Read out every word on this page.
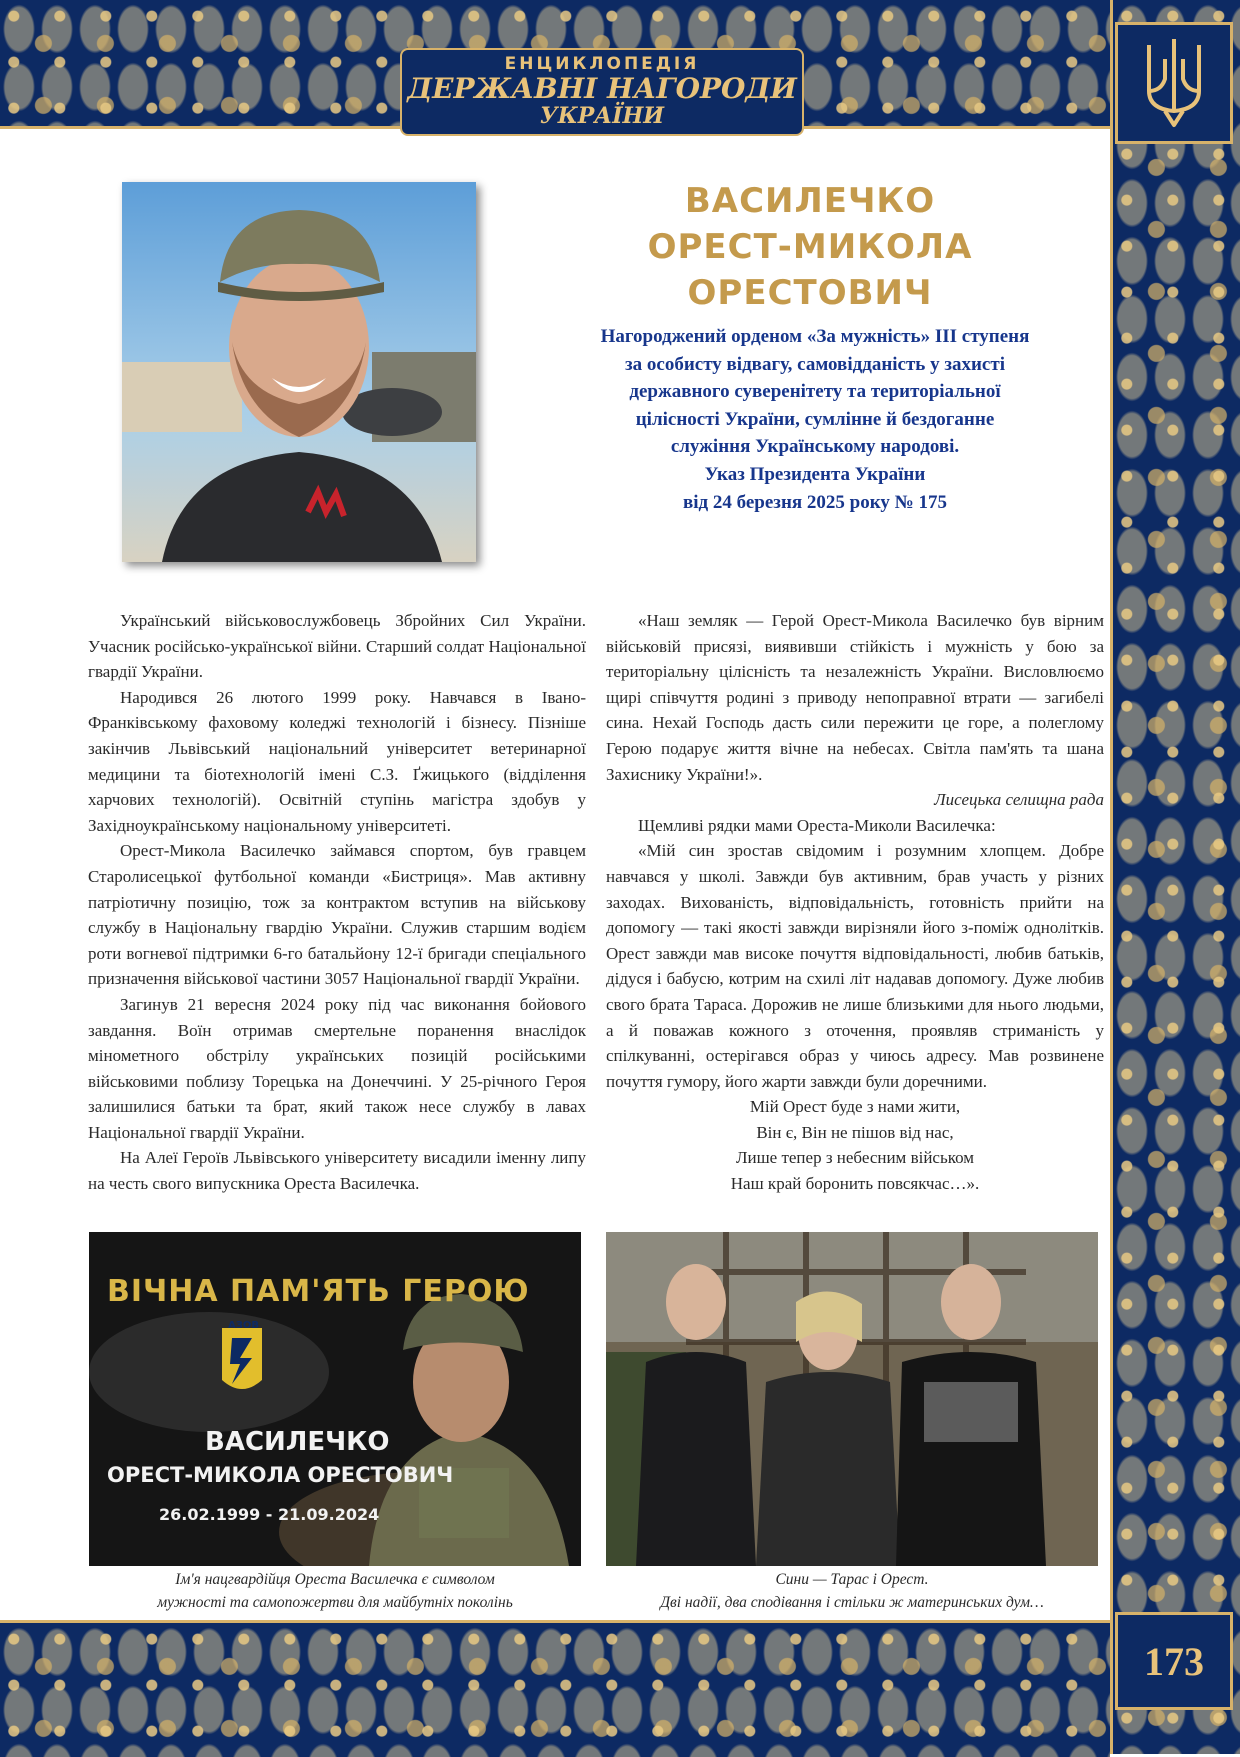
ЕНЦИКЛОПЕДІЯ
ДЕРЖАВНІ НАГОРОДИ
УКРАЇНИ
173
ВАСИЛЕЧКО
ОРЕСТ-МИКОЛА
ОРЕСТОВИЧ
Нагороджений орденом «За мужність» ІІІ ступеня
за особисту відвагу, самовідданість у захисті
державного суверенітету та територіальної
цілісності України, сумлінне й бездоганне
служіння Українському народові.
Указ Президента України
від 24 березня 2025 року № 175

Український військовослужбовець Збройних Сил України. Учасник російсько-української війни. Старший солдат Національної гвардії України.

Народився 26 лютого 1999 року. Навчався в Івано-Франківському фаховому коледжі технологій і бізнесу. Пізніше закінчив Львівський національний університет ветеринарної медицини та біотехнологій імені С.З. Ґжицького (відділення харчових технологій). Освітній ступінь магістра здобув у Західноукраїнському національному університеті.

Орест-Микола Василечко займався спортом, був гравцем Старолисецької футбольної команди «Бистриця». Мав активну патріотичну позицію, тож за контрактом вступив на військову службу в Національну гвардію України. Служив старшим водієм роти вогневої підтримки 6-го батальйону 12-ї бригади спеціального призначення військової частини 3057 Національної гвардії України.

Загинув 21 вересня 2024 року під час виконання бойового завдання. Воїн отримав смертельне поранення внаслідок мінометного обстрілу українських позицій російськими військовими поблизу Торецька на Донеччині. У 25-річного Героя залишилися батьки та брат, який також несе службу в лавах Національної гвардії України.

На Алеї Героїв Львівського університету висадили іменну липу на честь свого випускника Ореста Василечка.

«Наш земляк — Герой Орест-Микола Василечко був вірним військовій присязі, виявивши стійкість і мужність у бою за територіальну цілісність та незалежність України. Висловлюємо щирі співчуття родині з приводу непоправної втрати — загибелі сина. Нехай Господь дасть сили пережити це горе, а полеглому Герою подарує життя вічне на небесах. Світла пам'ять та шана Захиснику України!».

Лисецька селищна рада

Щемливі рядки мами Ореста-Миколи Василечка:

«Мій син зростав свідомим і розумним хлопцем. Добре навчався у школі. Завжди був активним, брав участь у різних заходах. Вихованість, відповідальність, готовність прийти на допомогу — такі якості завжди вирізняли його з-поміж однолітків. Орест завжди мав високе почуття відповідальності, любив батьків, дідуся і бабусю, котрим на схилі літ надавав допомогу. Дуже любив свого брата Тараса. Дорожив не лише близькими для нього людьми, а й поважав кожного з оточення, проявляв стриманість у спілкуванні, остерігався образ у чиюсь адресу. Мав розвинене почуття гумору, його жарти завжди були доречними.

Мій Орест буде з нами жити,

Він є, Він не пішов від нас,

Лише тепер з небесним військом

Наш край боронить повсякчас…».

АЗОВ
ВІЧНА ПАМ'ЯТЬ ГЕРОЮ
ВАСИЛЕЧКО
ОРЕСТ-МИКОЛА ОРЕСТОВИЧ
26.02.1999 - 21.09.2024
Ім'я нацгвардійця Ореста Василечка є символом
мужності та самопожертви для майбутніх поколінь
Сини — Тарас і Орест.
Дві надії, два сподівання і стільки ж материнських дум…
